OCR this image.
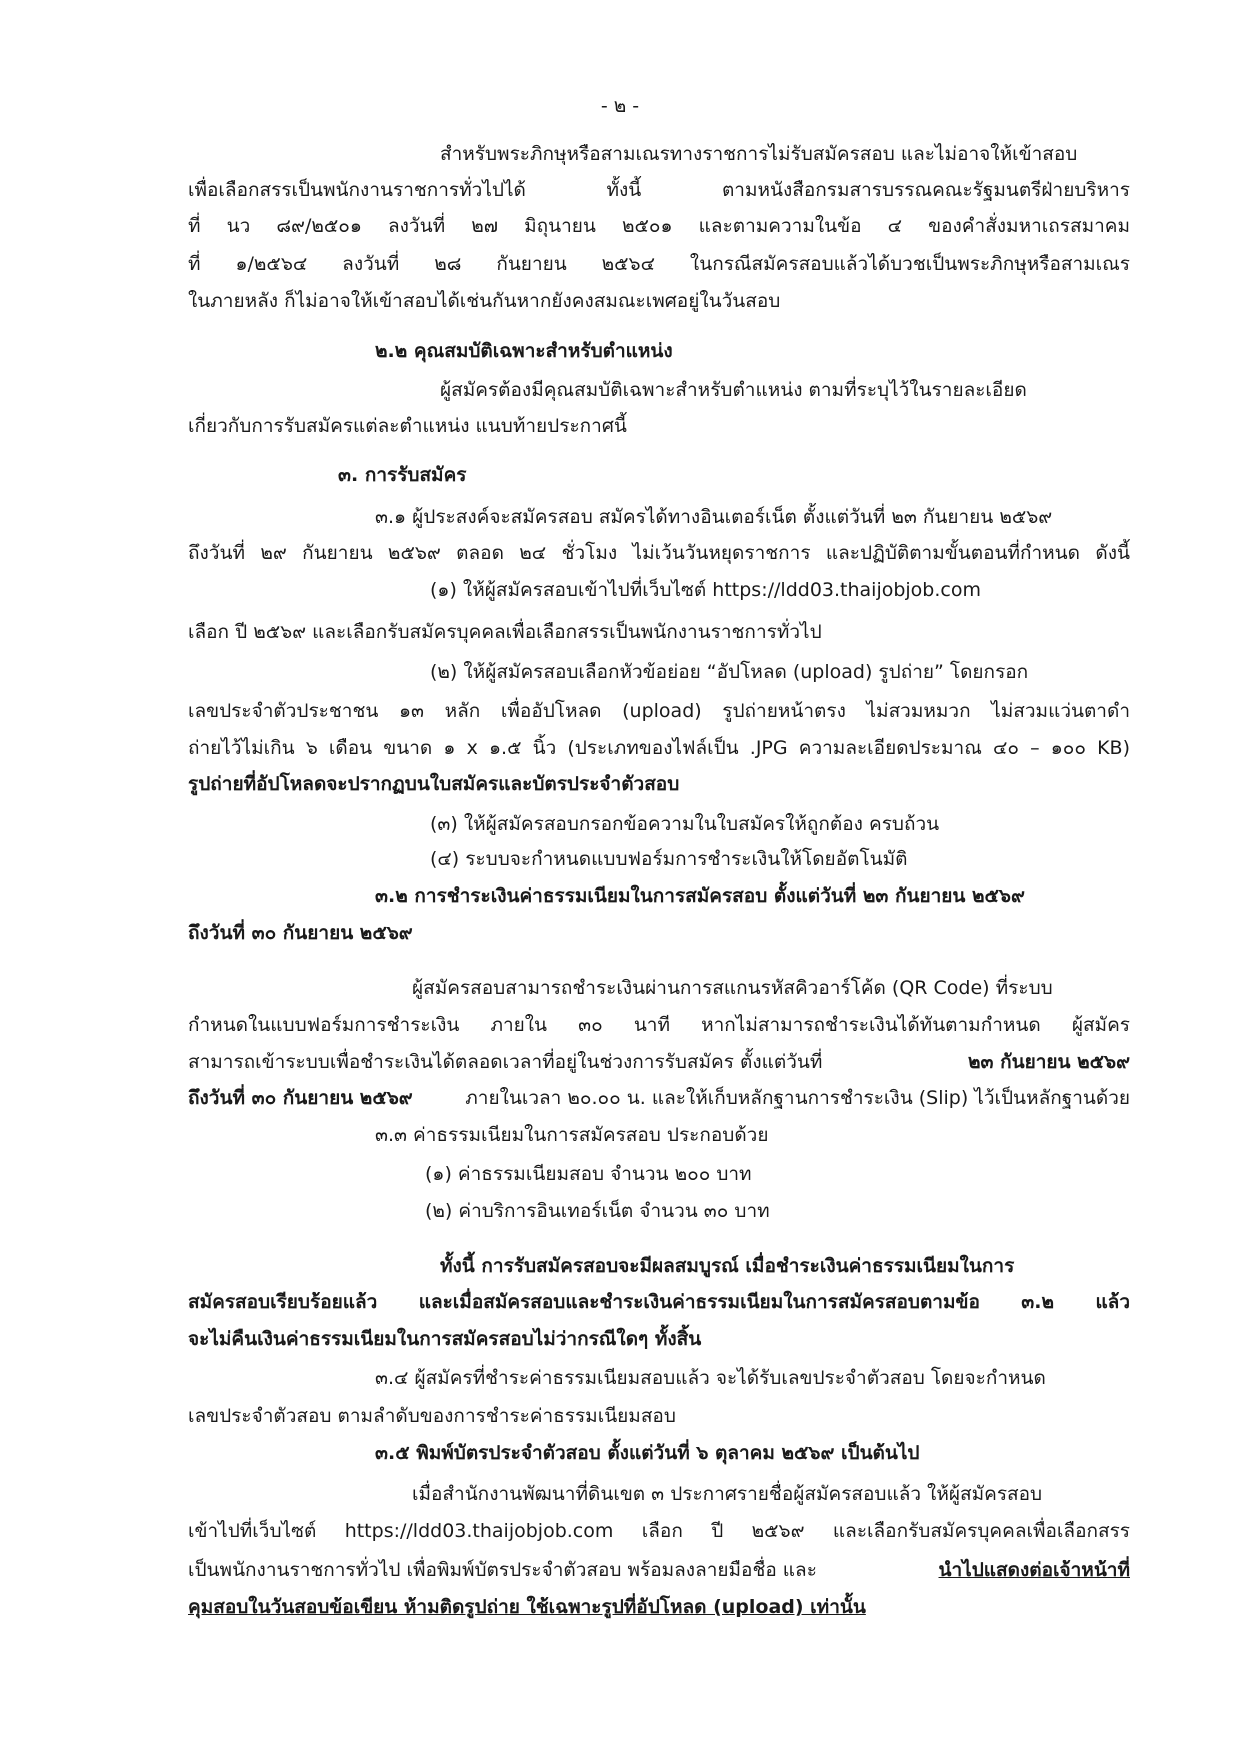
- ๒ -
สำหรับพระภิกษุหรือสามเณรทางราชการไม่รับสมัครสอบ และไม่อาจให้เข้าสอบ
เพื่อเลือกสรรเป็นพนักงานราชการทั่วไปได้ ทั้งนี้ ตามหนังสือกรมสารบรรณคณะรัฐมนตรีฝ่ายบริหาร
ที่ นว ๘๙/๒๕๐๑ ลงวันที่ ๒๗ มิถุนายน ๒๕๐๑ และตามความในข้อ ๔ ของคำสั่งมหาเถรสมาคม
ที่ ๑/๒๕๖๔ ลงวันที่ ๒๘ กันยายน ๒๕๖๔ ในกรณีสมัครสอบแล้วได้บวชเป็นพระภิกษุหรือสามเณร
ในภายหลัง ก็ไม่อาจให้เข้าสอบได้เช่นกันหากยังคงสมณะเพศอยู่ในวันสอบ
๒.๒ คุณสมบัติเฉพาะสำหรับตำแหน่ง
ผู้สมัครต้องมีคุณสมบัติเฉพาะสำหรับตำแหน่ง ตามที่ระบุไว้ในรายละเอียด
เกี่ยวกับการรับสมัครแต่ละตำแหน่ง แนบท้ายประกาศนี้
๓. การรับสมัคร
๓.๑ ผู้ประสงค์จะสมัครสอบ สมัครได้ทางอินเตอร์เน็ต ตั้งแต่วันที่ ๒๓ กันยายน ๒๕๖๙
ถึงวันที่ ๒๙ กันยายน ๒๕๖๙ ตลอด ๒๔ ชั่วโมง ไม่เว้นวันหยุดราชการ และปฏิบัติตามขั้นตอนที่กำหนด ดังนี้
(๑) ให้ผู้สมัครสอบเข้าไปที่เว็บไซต์ https://ldd03.thaijobjob.com
เลือก ปี ๒๕๖๙ และเลือกรับสมัครบุคคลเพื่อเลือกสรรเป็นพนักงานราชการทั่วไป
(๒) ให้ผู้สมัครสอบเลือกหัวข้อย่อย “อัปโหลด (upload) รูปถ่าย” โดยกรอก
เลขประจำตัวประชาชน ๑๓ หลัก เพื่ออัปโหลด (upload) รูปถ่ายหน้าตรง ไม่สวมหมวก ไม่สวมแว่นตาดำ
ถ่ายไว้ไม่เกิน ๖ เดือน ขนาด ๑ x ๑.๕ นิ้ว (ประเภทของไฟล์เป็น .JPG ความละเอียดประมาณ ๔๐ – ๑๐๐ KB)
รูปถ่ายที่อัปโหลดจะปรากฏบนใบสมัครและบัตรประจำตัวสอบ
(๓) ให้ผู้สมัครสอบกรอกข้อความในใบสมัครให้ถูกต้อง ครบถ้วน
(๔) ระบบจะกำหนดแบบฟอร์มการชำระเงินให้โดยอัตโนมัติ
๓.๒ การชำระเงินค่าธรรมเนียมในการสมัครสอบ ตั้งแต่วันที่ ๒๓ กันยายน ๒๕๖๙
ถึงวันที่ ๓๐ กันยายน ๒๕๖๙
ผู้สมัครสอบสามารถชำระเงินผ่านการสแกนรหัสคิวอาร์โค้ด (QR Code) ที่ระบบ
กำหนดในแบบฟอร์มการชำระเงิน ภายใน ๓๐ นาที หากไม่สามารถชำระเงินได้ทันตามกำหนด ผู้สมัคร
สามารถเข้าระบบเพื่อชำระเงินได้ตลอดเวลาที่อยู่ในช่วงการรับสมัคร ตั้งแต่วันที่	๒๓ กันยายน ๒๕๖๙
ถึงวันที่ ๓๐ กันยายน ๒๕๖๙	ภายในเวลา ๒๐.๐๐ น. และให้เก็บหลักฐานการชำระเงิน (Slip) ไว้เป็นหลักฐานด้วย
๓.๓ ค่าธรรมเนียมในการสมัครสอบ ประกอบด้วย
(๑) ค่าธรรมเนียมสอบ จำนวน ๒๐๐ บาท
(๒) ค่าบริการอินเทอร์เน็ต จำนวน ๓๐ บาท
ทั้งนี้ การรับสมัครสอบจะมีผลสมบูรณ์ เมื่อชำระเงินค่าธรรมเนียมในการ
สมัครสอบเรียบร้อยแล้ว และเมื่อสมัครสอบและชำระเงินค่าธรรมเนียมในการสมัครสอบตามข้อ ๓.๒ แล้ว
จะไม่คืนเงินค่าธรรมเนียมในการสมัครสอบไม่ว่ากรณีใดๆ ทั้งสิ้น
๓.๔ ผู้สมัครที่ชำระค่าธรรมเนียมสอบแล้ว จะได้รับเลขประจำตัวสอบ โดยจะกำหนด
เลขประจำตัวสอบ ตามลำดับของการชำระค่าธรรมเนียมสอบ
๓.๕ พิมพ์บัตรประจำตัวสอบ ตั้งแต่วันที่ ๖ ตุลาคม ๒๕๖๙ เป็นต้นไป
เมื่อสำนักงานพัฒนาที่ดินเขต ๓ ประกาศรายชื่อผู้สมัครสอบแล้ว ให้ผู้สมัครสอบ
เข้าไปที่เว็บไซต์ https://ldd03.thaijobjob.com เลือก ปี ๒๕๖๙ และเลือกรับสมัครบุคคลเพื่อเลือกสรร
เป็นพนักงานราชการทั่วไป เพื่อพิมพ์บัตรประจำตัวสอบ พร้อมลงลายมือชื่อ และ	นำไปแสดงต่อเจ้าหน้าที่
คุมสอบในวันสอบข้อเขียน ห้ามติดรูปถ่าย ใช้เฉพาะรูปที่อัปโหลด (upload) เท่านั้น
